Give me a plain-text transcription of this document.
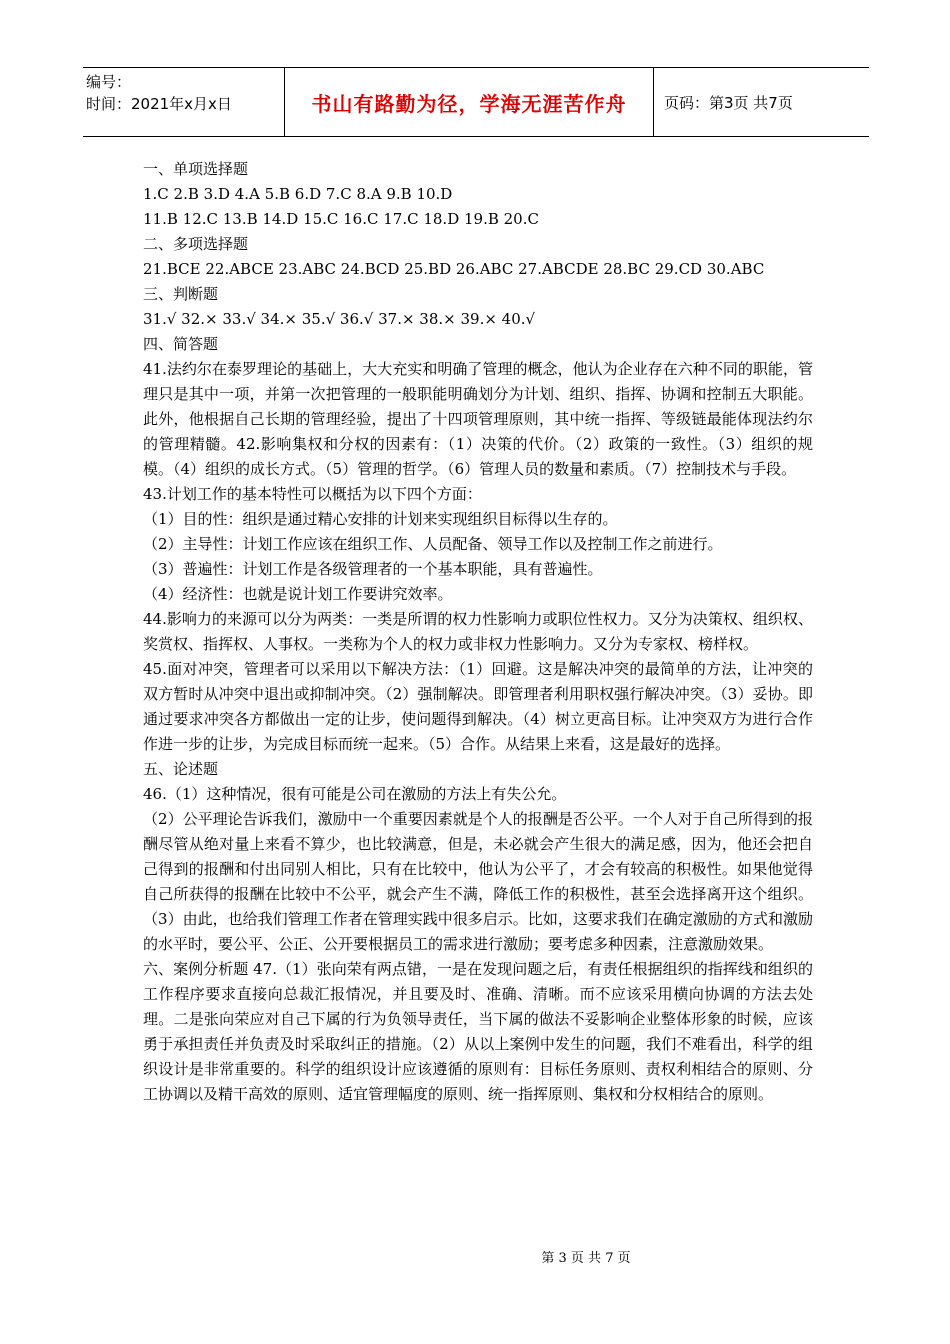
编号：
时间：2021年x月x日	书山有路勤为径，学海无涯苦作舟	页码：第3页 共7页

一、单项选择题

1.C 2.B 3.D 4.A 5.B 6.D 7.C 8.A 9.B 10.D

11.B 12.C 13.B 14.D 15.C 16.C 17.C 18.D 19.B 20.C

二、多项选择题

21.BCE 22.ABCE 23.ABC 24.BCD 25.BD 26.ABC 27.ABCDE 28.BC 29.CD 30.ABC

三、判断题

31.√ 32.× 33.√ 34.× 35.√ 36.√ 37.× 38.× 39.× 40.√

四、简答题

41.法约尔在泰罗理论的基础上，大大充实和明确了管理的概念，他认为企业存在六种不同的职能，管理只是其中一项，并第一次把管理的一般职能明确划分为计划、组织、指挥、协调和控制五大职能。此外，他根据自己长期的管理经验，提出了十四项管理原则，其中统一指挥、等级链最能体现法约尔的管理精髓。42.影响集权和分权的因素有：（1）决策的代价。（2）政策的一致性。（3）组织的规模。（4）组织的成长方式。（5）管理的哲学。（6）管理人员的数量和素质。（7）控制技术与手段。

43.计划工作的基本特性可以概括为以下四个方面：

（1）目的性：组织是通过精心安排的计划来实现组织目标得以生存的。

（2）主导性：计划工作应该在组织工作、人员配备、领导工作以及控制工作之前进行。

（3）普遍性：计划工作是各级管理者的一个基本职能，具有普遍性。

（4）经济性：也就是说计划工作要讲究效率。

44.影响力的来源可以分为两类：一类是所谓的权力性影响力或职位性权力。又分为决策权、组织权、奖赏权、指挥权、人事权。一类称为个人的权力或非权力性影响力。又分为专家权、榜样权。

45.面对冲突，管理者可以采用以下解决方法：（1）回避。这是解决冲突的最简单的方法，让冲突的双方暂时从冲突中退出或抑制冲突。（2）强制解决。即管理者利用职权强行解决冲突。（3）妥协。即通过要求冲突各方都做出一定的让步，使问题得到解决。（4）树立更高目标。让冲突双方为进行合作作进一步的让步，为完成目标而统一起来。（5）合作。从结果上来看，这是最好的选择。

五、论述题

46.（1）这种情况，很有可能是公司在激励的方法上有失公允。

（2）公平理论告诉我们，激励中一个重要因素就是个人的报酬是否公平。一个人对于自己所得到的报酬尽管从绝对量上来看不算少，也比较满意，但是，未必就会产生很大的满足感，因为，他还会把自己得到的报酬和付出同别人相比，只有在比较中，他认为公平了，才会有较高的积极性。如果他觉得自己所获得的报酬在比较中不公平，就会产生不满，降低工作的积极性，甚至会选择离开这个组织。（3）由此，也给我们管理工作者在管理实践中很多启示。比如，这要求我们在确定激励的方式和激励的水平时，要公平、公正、公开要根据员工的需求进行激励；要考虑多种因素，注意激励效果。

六、案例分析题 47.（1）张向荣有两点错，一是在发现问题之后，有责任根据组织的指挥线和组织的工作程序要求直接向总裁汇报情况，并且要及时、准确、清晰。而不应该采用横向协调的方法去处理。二是张向荣应对自己下属的行为负领导责任，当下属的做法不妥影响企业整体形象的时候，应该勇于承担责任并负责及时采取纠正的措施。（2）从以上案例中发生的问题，我们不难看出，科学的组织设计是非常重要的。科学的组织设计应该遵循的原则有：目标任务原则、责权利相结合的原则、分工协调以及精干高效的原则、适宜管理幅度的原则、统一指挥原则、集权和分权相结合的原则。

第 3 页 共 7 页
